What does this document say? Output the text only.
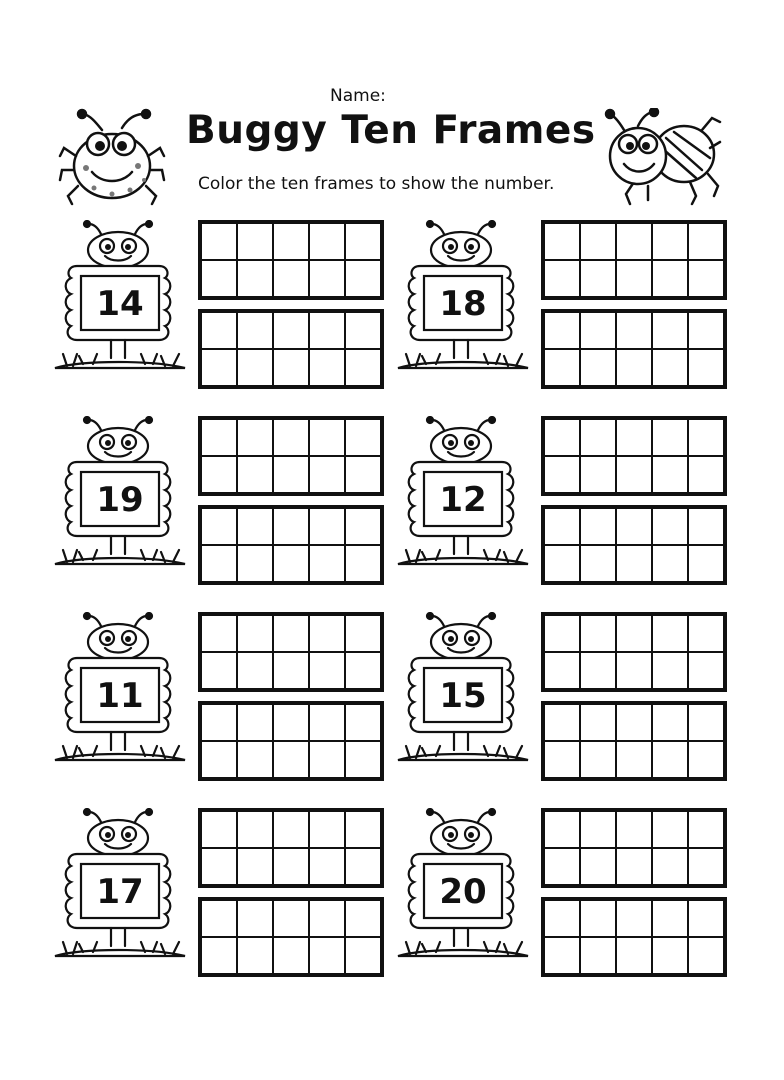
Name:
Buggy Ten Frames
Color the ten frames to show the number.
14	18
19	12
11	15
17	20
